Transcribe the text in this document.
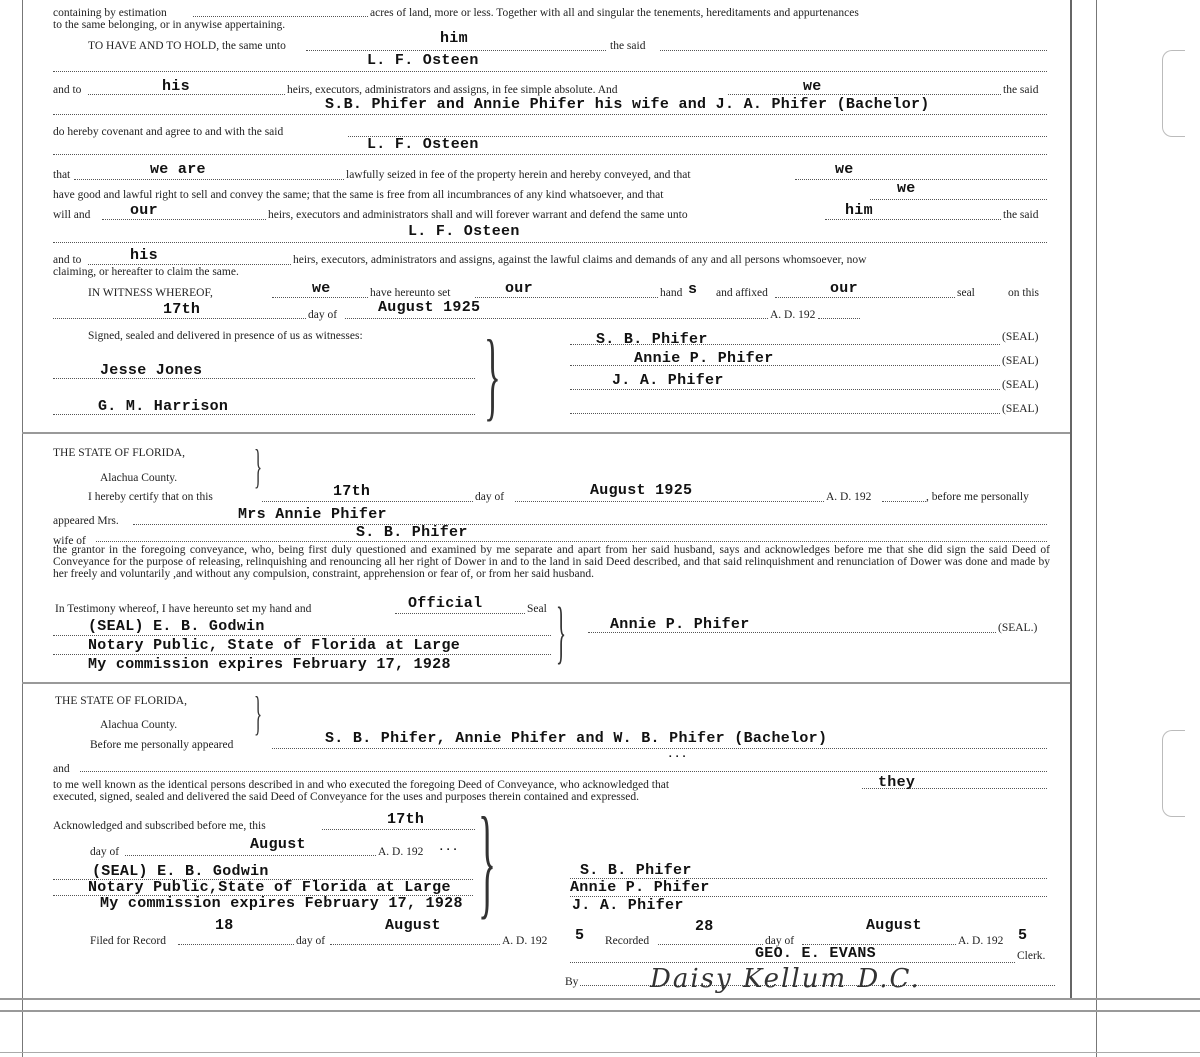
containing by estimation	acres of land, more or less. Together with all and singular the tenements, hereditaments and appurtenances
to the same belonging, or in anywise appertaining.
TO HAVE AND TO HOLD, the same unto	him	the said
L. F. Osteen
and to	his	heirs, executors, administrators and assigns, in fee simple absolute. And	we	the said
S.B. Phifer and Annie Phifer his wife and J. A. Phifer (Bachelor)
do hereby covenant and agree to and with the said
L. F. Osteen
that	we are	lawfully seized in fee of the property herein and hereby conveyed, and that	we
have good and lawful right to sell and convey the same; that the same is free from all incumbrances of any kind whatsoever, and that	we
will and	our	heirs, executors and administrators shall and will forever warrant and defend the same unto	him	the said
L. F. Osteen
and to	his	heirs, executors, administrators and assigns, against the lawful claims and demands of any and all persons whomsoever, now
claiming, or hereafter to claim the same.
IN WITNESS WHEREOF,	we	have hereunto set	our	hand s and affixed	our	seal	on this
17th	day of	August 1925	A. D. 192
Signed, sealed and delivered in presence of us as witnesses: }
Jesse Jones
G. M. Harrison
S. B. Phifer	(SEAL)
Annie P. Phifer	(SEAL)
J. A. Phifer	(SEAL)
(SEAL)
THE STATE OF FLORIDA,
Alachua County. }
I hereby certify that on this	17th	day of	August 1925	A. D. 192	, before me personally
appeared Mrs.	Mrs Annie Phifer
wife of	S. B. Phifer
the grantor in the foregoing conveyance, who, being first duly questioned and examined by me separate and apart from her said husband, says and acknowledges before me that she did sign the said Deed of Conveyance for the purpose of releasing, relinquishing and renouncing all her right of Dower in and to the land in said Deed described, and that said relinquishment and renunciation of Dower was done and made by her freely and voluntarily ,and without any compulsion, constraint, apprehension or fear of, or from her said husband.
In Testimony whereof, I have hereunto set my hand and	Official	Seal }
(SEAL) E. B. Godwin
Notary Public, State of Florida at Large
My commission expires February 17, 1928
Annie P. Phifer	(SEAL.)
THE STATE OF FLORIDA,
Alachua County. }
Before me personally appeared	S. B. Phifer, Annie Phifer and W. B. Phifer (Bachelor)
...
and
to me well known as the identical persons described in and who executed the foregoing Deed of Conveyance, who acknowledged that	they
executed, signed, sealed and delivered the said Deed of Conveyance for the uses and purposes therein contained and expressed.
Acknowledged and subscribed before me, this	17th
day of	August	A. D. 192 ... }
(SEAL) E. B. Godwin
Notary Public,State of Florida at Large
My commission expires February 17, 1928
S. B. Phifer
Annie P. Phifer
J. A. Phifer
Filed for Record
18
day of
August
A. D. 192 5 Recorded
28
day of
August
A. D. 192 5
GEO. E. EVANS	Clerk.
By	Daisy Kellum D.C.
